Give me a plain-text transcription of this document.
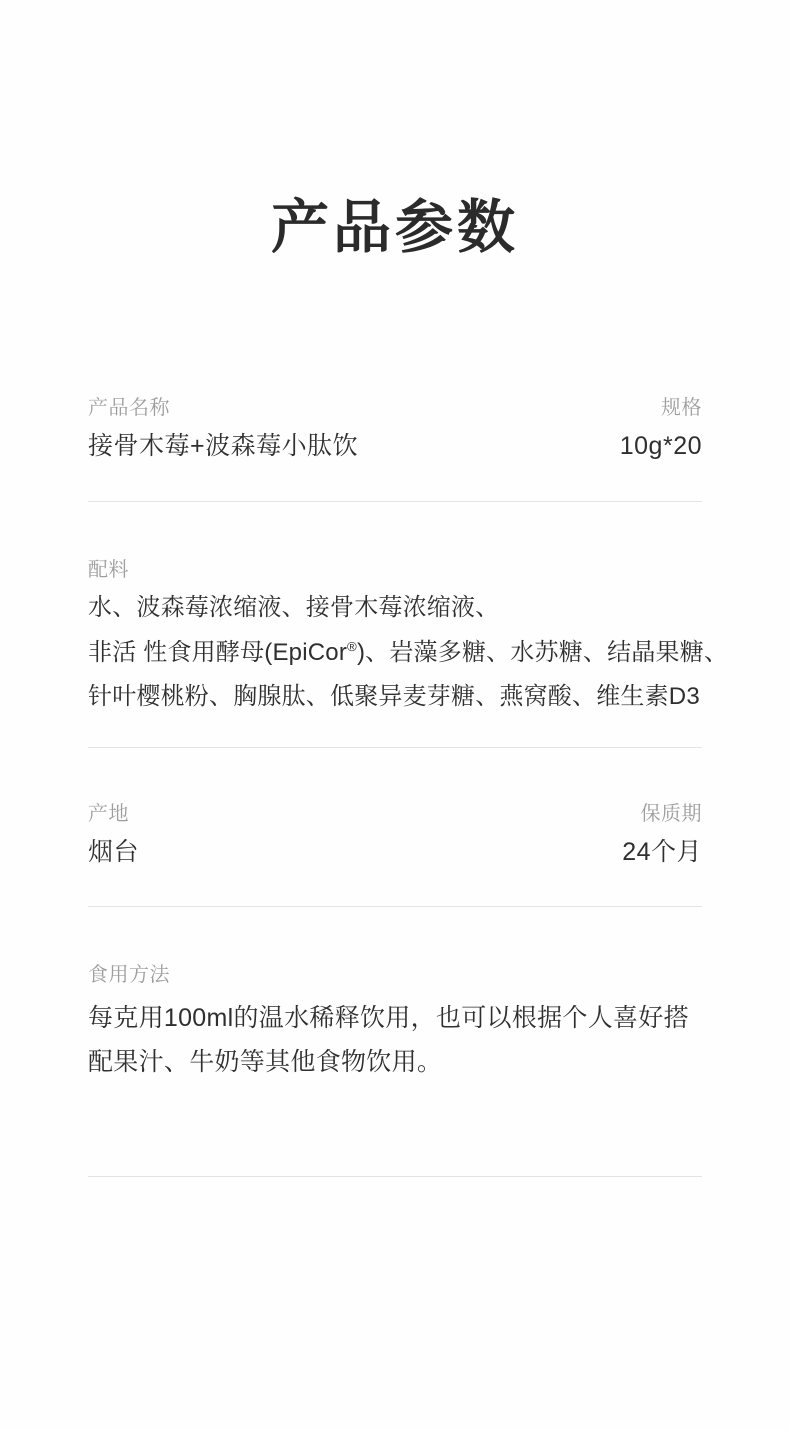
产品参数
产品名称	规格
接骨木莓+波森莓小肽饮	10g*20
配料
水、波森莓浓缩液、接骨木莓浓缩液、
非活 性食用酵母(EpiCor®)、岩藻多糖、水苏糖、结晶果糖、
针叶樱桃粉、胸腺肽、低聚异麦芽糖、燕窝酸、维生素D3
产地	保质期
烟台	24个月
食用方法
每克用100ml的温水稀释饮用，也可以根据个人喜好搭配果汁、牛奶等其他食物饮用。
